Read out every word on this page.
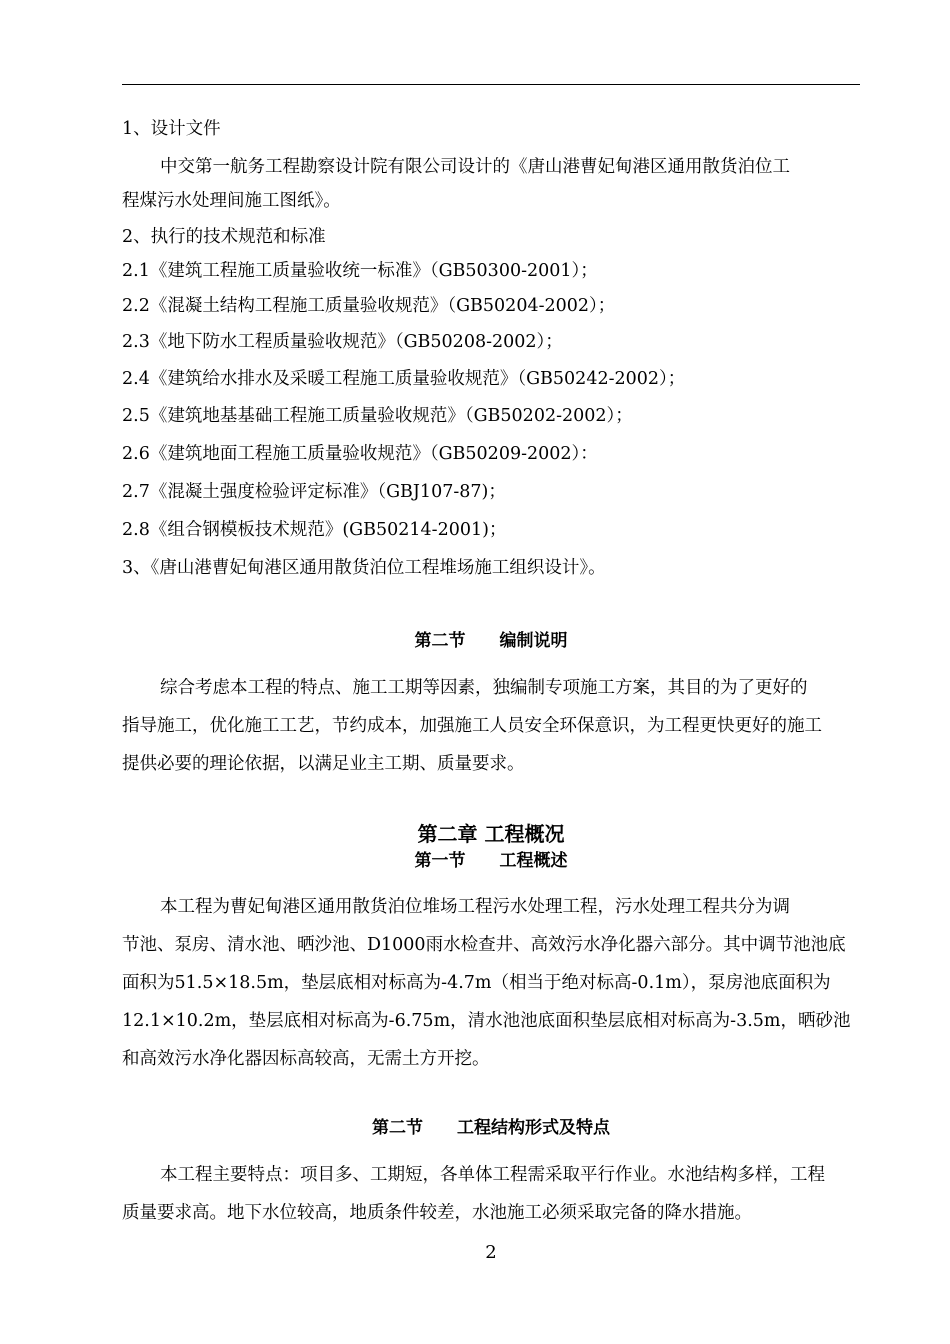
1、设计文件
中交第一航务工程勘察设计院有限公司设计的《唐山港曹妃甸港区通用散货泊位工
程煤污水处理间施工图纸》。
2、执行的技术规范和标准
2.1《建筑工程施工质量验收统一标准》（GB50300-2001）；
2.2《混凝土结构工程施工质量验收规范》（GB50204-2002）；
2.3《地下防水工程质量验收规范》（GB50208-2002）；
2.4《建筑给水排水及采暖工程施工质量验收规范》（GB50242-2002）；
2.5《建筑地基基础工程施工质量验收规范》（GB50202-2002）；
2.6《建筑地面工程施工质量验收规范》（GB50209-2002）：
2.7《混凝土强度检验评定标准》（GBJ107-87)；
2.8《组合钢模板技术规范》(GB50214-2001)；
3、《唐山港曹妃甸港区通用散货泊位工程堆场施工组织设计》。
第二节　　编制说明
综合考虑本工程的特点、施工工期等因素，独编制专项施工方案，其目的为了更好的
指导施工，优化施工工艺，节约成本，加强施工人员安全环保意识，为工程更快更好的施工
提供必要的理论依据，以满足业主工期、质量要求。
第二章 工程概况
第一节　　工程概述
本工程为曹妃甸港区通用散货泊位堆场工程污水处理工程，污水处理工程共分为调
节池、泵房、清水池、晒沙池、D1000雨水检查井、高效污水净化器六部分。其中调节池池底
面积为51.5×18.5m，垫层底相对标高为-4.7m（相当于绝对标高-0.1m），泵房池底面积为
12.1×10.2m，垫层底相对标高为-6.75m，清水池池底面积垫层底相对标高为-3.5m，晒砂池
和高效污水净化器因标高较高，无需土方开挖。
第二节　　工程结构形式及特点
本工程主要特点：项目多、工期短，各单体工程需采取平行作业。水池结构多样，工程
质量要求高。地下水位较高，地质条件较差，水池施工必须采取完备的降水措施。
2
